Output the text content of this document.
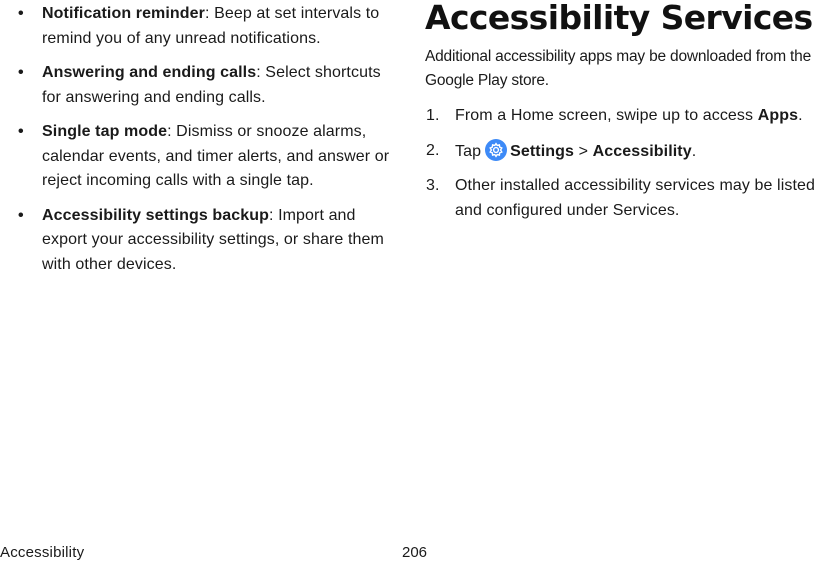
• Notification reminder: Beep at set intervals to remind you of any unread notifications.
• Answering and ending calls: Select shortcuts for answering and ending calls.
• Single tap mode: Dismiss or snooze alarms, calendar events, and timer alerts, and answer or reject incoming calls with a single tap.
• Accessibility settings backup: Import and export your accessibility settings, or share them with other devices.
Accessibility Services
Additional accessibility apps may be downloaded from the Google Play store.
1. From a Home screen, swipe up to access Apps.
2. Tap Settings > Accessibility.
3. Other installed accessibility services may be listed and configured under Services.
Accessibility	206
